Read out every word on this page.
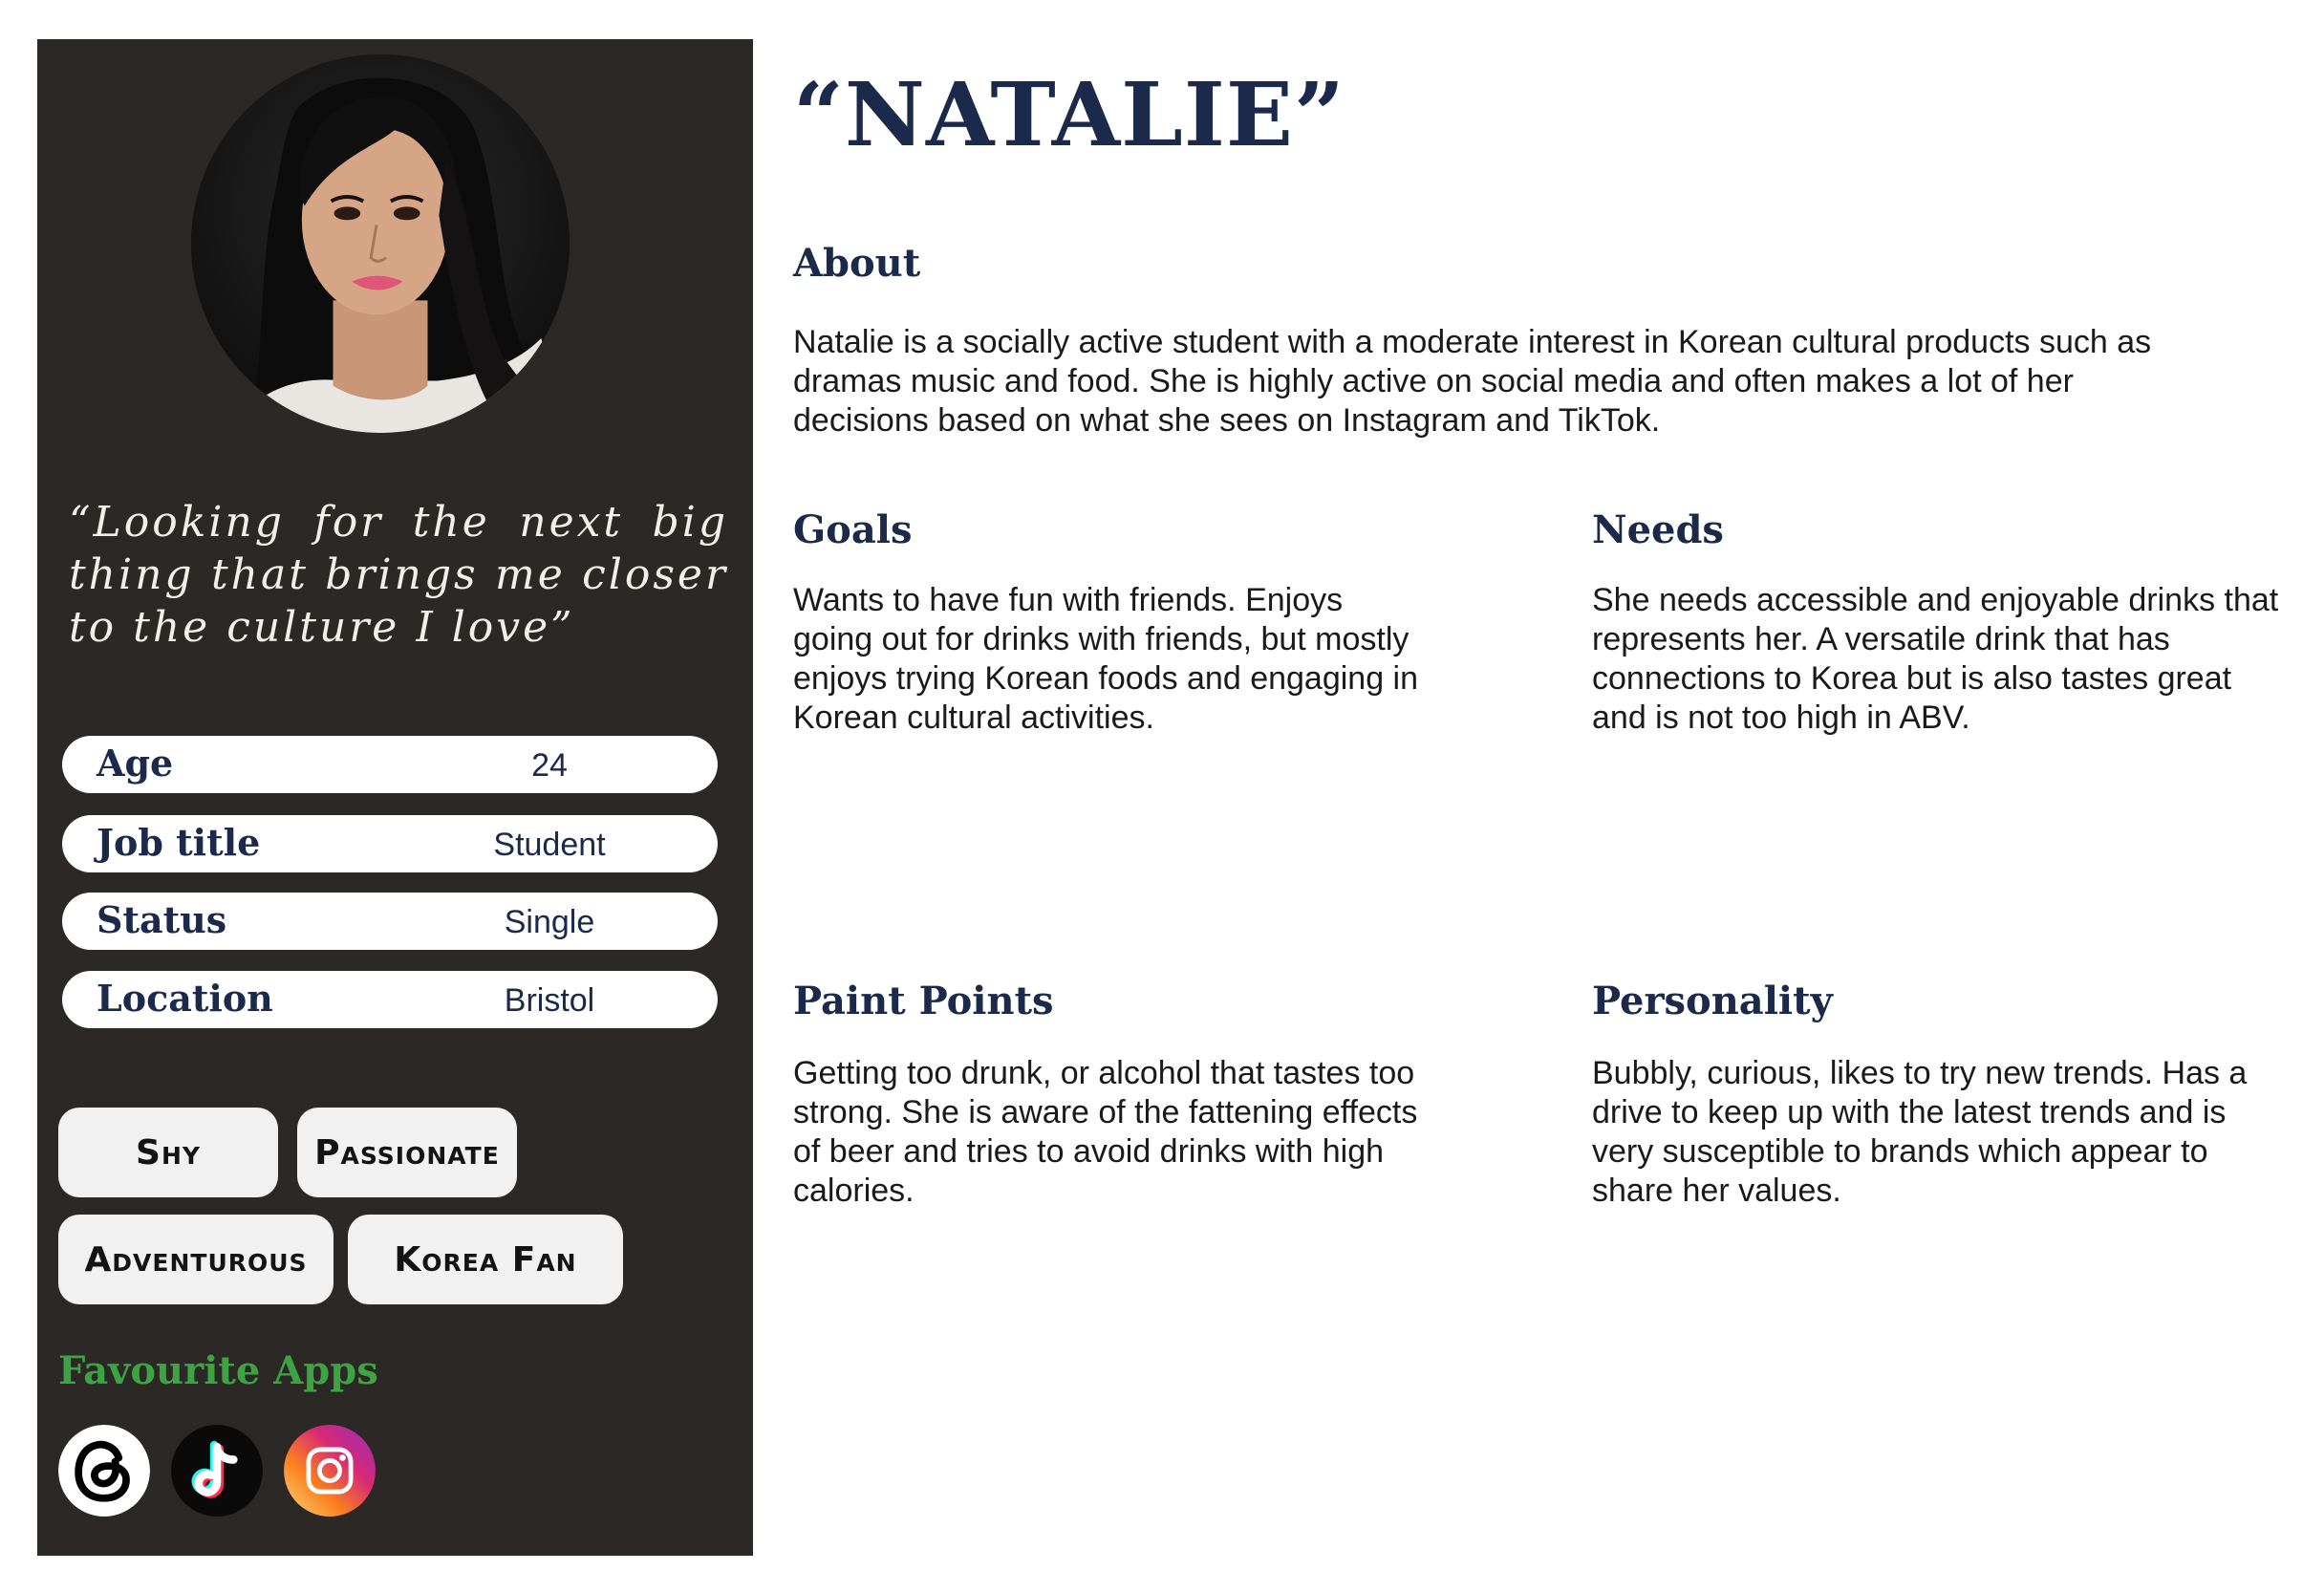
“Looking for the next big thing that brings me closer to the culture I love”
Age	24
Job title	Student
Status	Single
Location	Bristol
Shy	Passionate
Adventurous	Korea Fan
Favourite Apps
“NATALIE”
About
Natalie is a socially active student with a moderate interest in Korean cultural products such as dramas music and food. She is highly active on social media and often makes a lot of her decisions based on what she sees on Instagram and TikTok.
Goals
Wants to have fun with friends. Enjoys going out for drinks with friends, but mostly enjoys trying Korean foods and engaging in Korean cultural activities.
Needs
She needs accessible and enjoyable drinks that represents her. A versatile drink that has connections to Korea but is also tastes great and is not too high in ABV.
Paint Points
Getting too drunk, or alcohol that tastes too strong. She is aware of the fattening effects of beer and tries to avoid drinks with high calories.
Personality
Bubbly, curious, likes to try new trends. Has a drive to keep up with the latest trends and is very susceptible to brands which appear to share her values.
